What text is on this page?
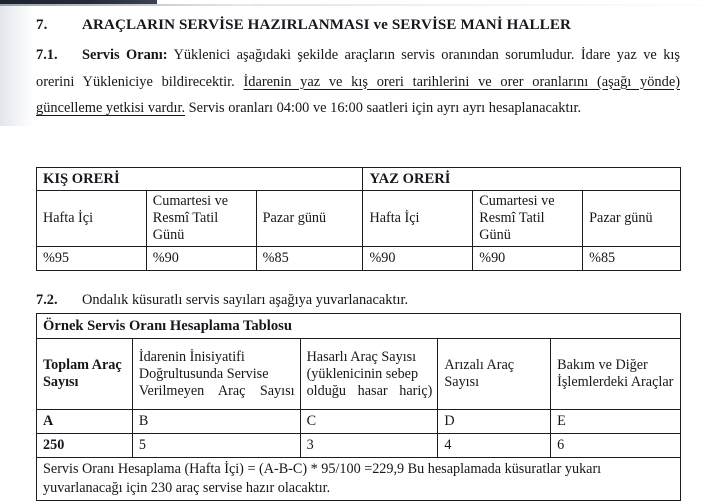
7. ARAÇLARIN SERVİSE HAZIRLANMASI ve SERVİSE MANİ HALLER
7.1. Servis Oranı: Yüklenici aşağıdaki şekilde araçların servis oranından sorumludur. İdare yaz ve kış orerini Yükleniciye bildirecektir. İdarenin yaz ve kış oreri tarihlerini ve orer oranlarını (aşağı yönde) güncelleme yetkisi vardır. Servis oranları 04:00 ve 16:00 saatleri için ayrı ayrı hesaplanacaktır.
KIŞ ORERİ			YAZ ORERİ		
Hafta İçi	Cumartesi ve Resmî Tatil Günü	Pazar günü	Hafta İçi	Cumartesi ve Resmî Tatil Günü	Pazar günü
%95	%90	%85	%90	%90	%85
7.2. Ondalık küsuratlı servis sayıları aşağıya yuvarlanacaktır.
Örnek Servis Oranı Hesaplama Tablosu				
Toplam Araç Sayısı	İdarenin İnisiyatifi Doğrultusunda Servise Verilmeyen Araç Sayısı	Hasarlı Araç Sayısı (yüklenicinin sebep olduğu hasar hariç)	Arızalı Araç Sayısı	Bakım ve Diğer İşlemlerdeki Araçlar
A	B	C	D	E
250	5	3	4	6
Servis Oranı Hesaplama (Hafta İçi) = (A-B-C) * 95/100 =229,9 Bu hesaplamada küsuratlar yukarı yuvarlanacağı için 230 araç servise hazır olacaktır.				
